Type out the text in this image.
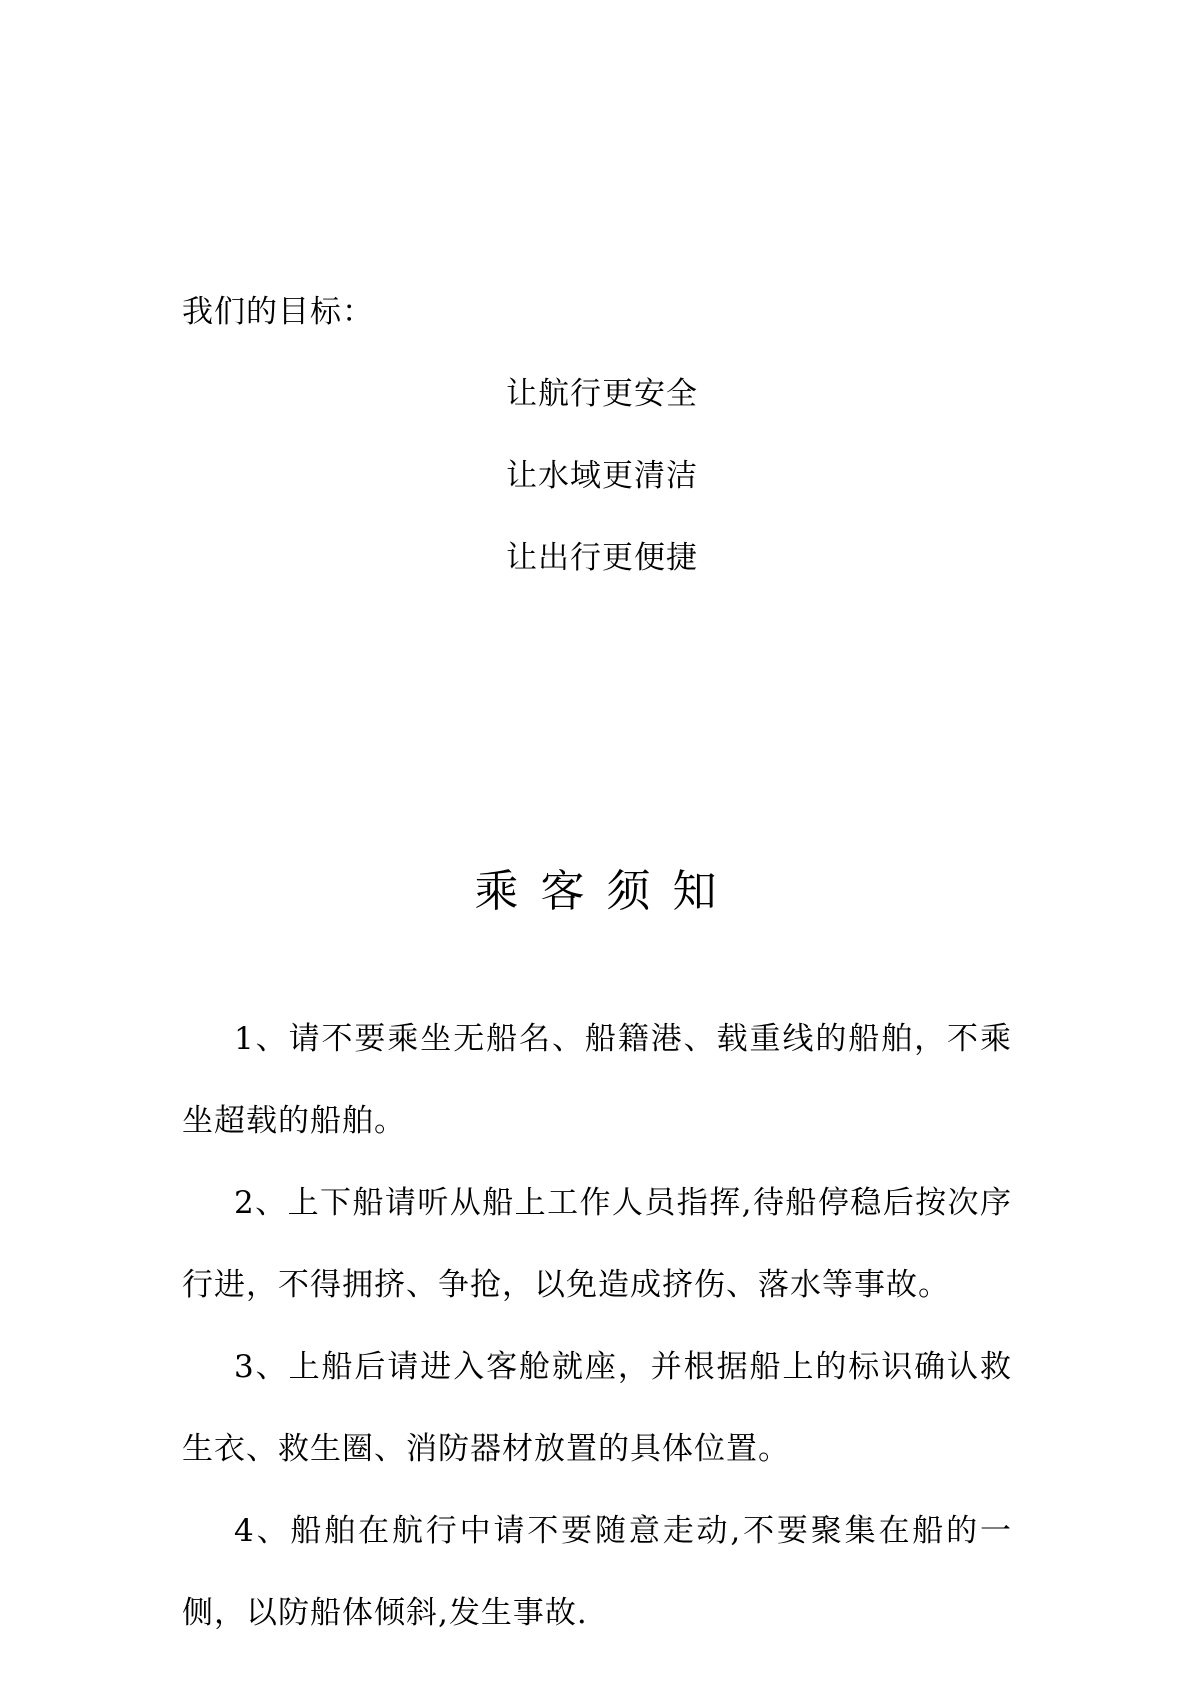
我们的目标：
让航行更安全
让水域更清洁
让出行更便捷
乘客须知

1、请不要乘坐无船名、船籍港、载重线的船舶，不乘坐超载的船舶。

2、上下船请听从船上工作人员指挥,待船停稳后按次序行进，不得拥挤、争抢，以免造成挤伤、落水等事故。

3、上船后请进入客舱就座，并根据船上的标识确认救生衣、救生圈、消防器材放置的具体位置。

4、船舶在航行中请不要随意走动,不要聚集在船的一侧，以防船体倾斜,发生事故.
